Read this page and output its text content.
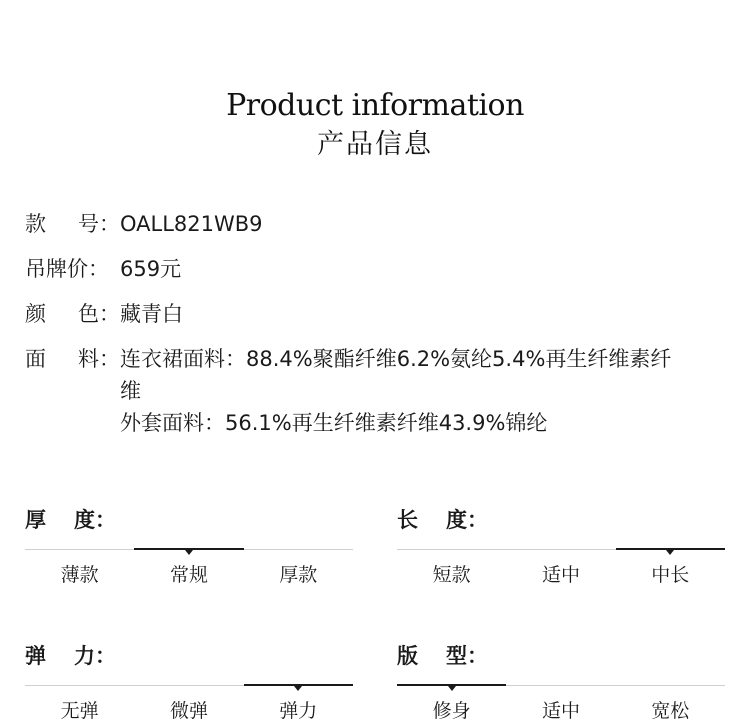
Product information
产品信息
款 号： OALL821WB9
吊牌价： 659元
颜 色： 藏青白
面 料： 连衣裙面料：88.4%聚酯纤维6.2%氨纶5.4%再生纤维素纤
维
外套面料：56.1%再生纤维素纤维43.9%锦纶
厚 度：
薄款	常规	厚款
长 度：
短款	适中	中长
弹 力：
无弹	微弹	弹力
版 型：
修身	适中	宽松
